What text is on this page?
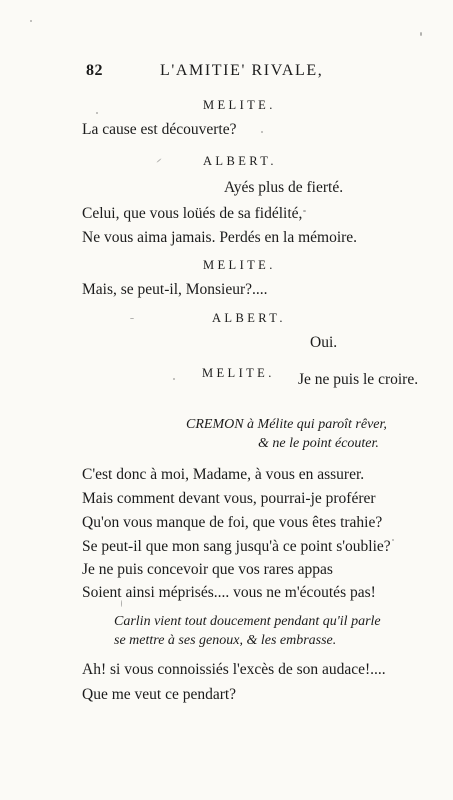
82	L'AMITIE' RIVALE,
MELITE.
La cause est découverte?
ALBERT.
Ayés plus de fierté.
Celui, que vous loüés de sa fidélité,
Ne vous aima jamais. Perdés en la mémoire.
MELITE.
Mais, se peut-il, Monsieur?....
ALBERT.
Oui.
MELITE. Je ne puis le croire.
CREMON à Mélite qui paroît rêver,
& ne le point écouter.
C'est donc à moi, Madame, à vous en assurer.
Mais comment devant vous, pourrai-je proférer
Qu'on vous manque de foi, que vous êtes trahie?
Se peut-il que mon sang jusqu'à ce point s'oublie?
Je ne puis concevoir que vos rares appas
Soient ainsi méprisés.... vous ne m'écoutés pas!
Carlin vient tout doucement pendant qu'il parle
se mettre à ses genoux, & les embrasse.
Ah! si vous connoissiés l'excès de son audace!....
Que me veut ce pendart?
